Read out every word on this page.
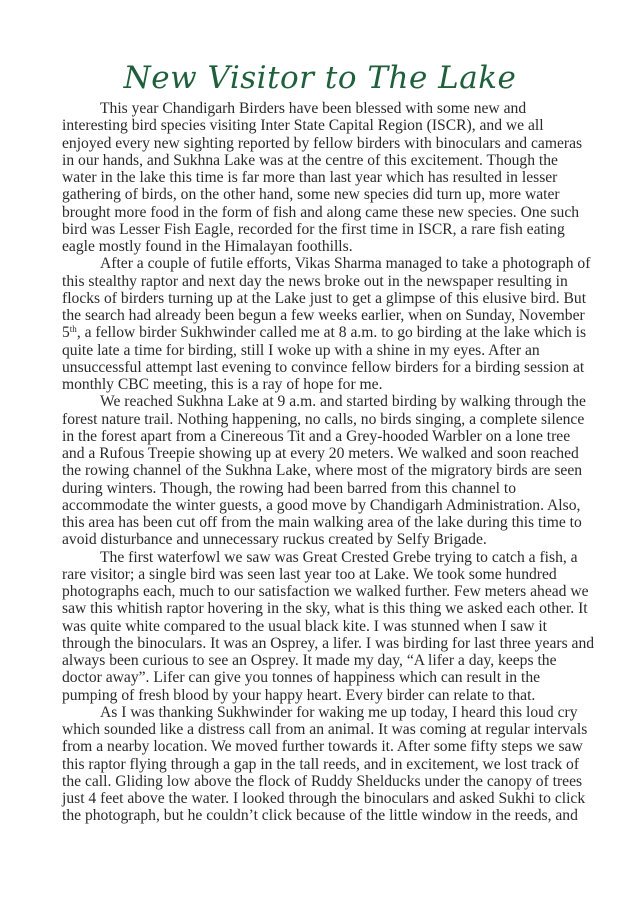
New Visitor to The Lake
This year Chandigarh Birders have been blessed with some new and
interesting bird species visiting Inter State Capital Region (ISCR), and we all
enjoyed every new sighting reported by fellow birders with binoculars and cameras
in our hands, and Sukhna Lake was at the centre of this excitement. Though the
water in the lake this time is far more than last year which has resulted in lesser
gathering of birds, on the other hand, some new species did turn up, more water
brought more food in the form of fish and along came these new species. One such
bird was Lesser Fish Eagle, recorded for the first time in ISCR, a rare fish eating
eagle mostly found in the Himalayan foothills.
After a couple of futile efforts, Vikas Sharma managed to take a photograph of
this stealthy raptor and next day the news broke out in the newspaper resulting in
flocks of birders turning up at the Lake just to get a glimpse of this elusive bird. But
the search had already been begun a few weeks earlier, when on Sunday, November
5th, a fellow birder Sukhwinder called me at 8 a.m. to go birding at the lake which is
quite late a time for birding, still I woke up with a shine in my eyes. After an
unsuccessful attempt last evening to convince fellow birders for a birding session at
monthly CBC meeting, this is a ray of hope for me.
We reached Sukhna Lake at 9 a.m. and started birding by walking through the
forest nature trail. Nothing happening, no calls, no birds singing, a complete silence
in the forest apart from a Cinereous Tit and a Grey-hooded Warbler on a lone tree
and a Rufous Treepie showing up at every 20 meters. We walked and soon reached
the rowing channel of the Sukhna Lake, where most of the migratory birds are seen
during winters. Though, the rowing had been barred from this channel to
accommodate the winter guests, a good move by Chandigarh Administration. Also,
this area has been cut off from the main walking area of the lake during this time to
avoid disturbance and unnecessary ruckus created by Selfy Brigade.
The first waterfowl we saw was Great Crested Grebe trying to catch a fish, a
rare visitor; a single bird was seen last year too at Lake. We took some hundred
photographs each, much to our satisfaction we walked further. Few meters ahead we
saw this whitish raptor hovering in the sky, what is this thing we asked each other. It
was quite white compared to the usual black kite. I was stunned when I saw it
through the binoculars. It was an Osprey, a lifer. I was birding for last three years and
always been curious to see an Osprey. It made my day, “A lifer a day, keeps the
doctor away”. Lifer can give you tonnes of happiness which can result in the
pumping of fresh blood by your happy heart. Every birder can relate to that.
As I was thanking Sukhwinder for waking me up today, I heard this loud cry
which sounded like a distress call from an animal. It was coming at regular intervals
from a nearby location. We moved further towards it. After some fifty steps we saw
this raptor flying through a gap in the tall reeds, and in excitement, we lost track of
the call. Gliding low above the flock of Ruddy Shelducks under the canopy of trees
just 4 feet above the water. I looked through the binoculars and asked Sukhi to click
the photograph, but he couldn’t click because of the little window in the reeds, and
